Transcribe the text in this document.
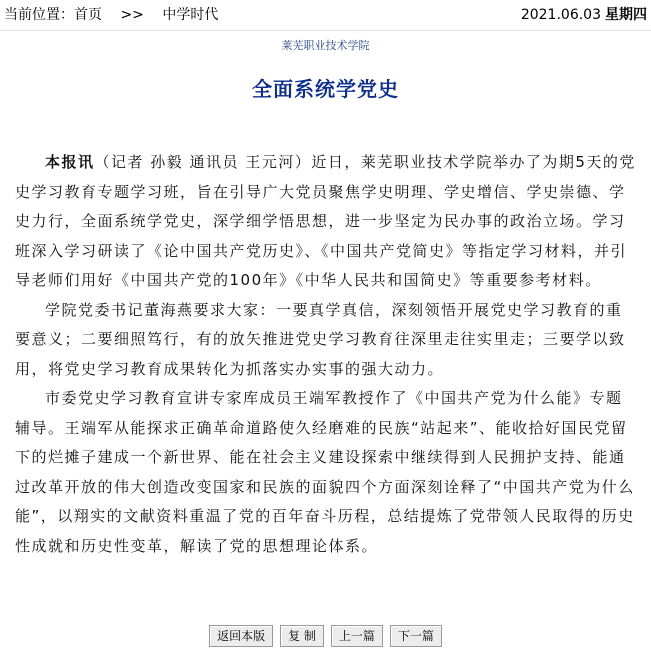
当前位置：首页 >> 中学时代	2021.06.03 星期四
莱芜职业技术学院
全面系统学党史

本报讯（记者 孙毅 通讯员 王元河）近日，莱芜职业技术学院举办了为期5天的党史学习教育专题学习班，旨在引导广大党员聚焦学史明理、学史增信、学史崇德、学史力行，全面系统学党史，深学细学悟思想，进一步坚定为民办事的政治立场。学习班深入学习研读了《论中国共产党历史》、《中国共产党简史》等指定学习材料，并引导老师们用好《中国共产党的100年》《中华人民共和国简史》等重要参考材料。

学院党委书记董海燕要求大家：一要真学真信，深刻领悟开展党史学习教育的重要意义；二要细照笃行，有的放矢推进党史学习教育往深里走往实里走；三要学以致用，将党史学习教育成果转化为抓落实办实事的强大动力。

市委党史学习教育宣讲专家库成员王端军教授作了《中国共产党为什么能》专题辅导。王端军从能探求正确革命道路使久经磨难的民族“站起来”、能收拾好国民党留下的烂摊子建成一个新世界、能在社会主义建设探索中继续得到人民拥护支持、能通过改革开放的伟大创造改变国家和民族的面貌四个方面深刻诠释了“中国共产党为什么能”，以翔实的文献资料重温了党的百年奋斗历程，总结提炼了党带领人民取得的历史性成就和历史性变革，解读了党的思想理论体系。

返回本版	复 制	上一篇	下一篇
